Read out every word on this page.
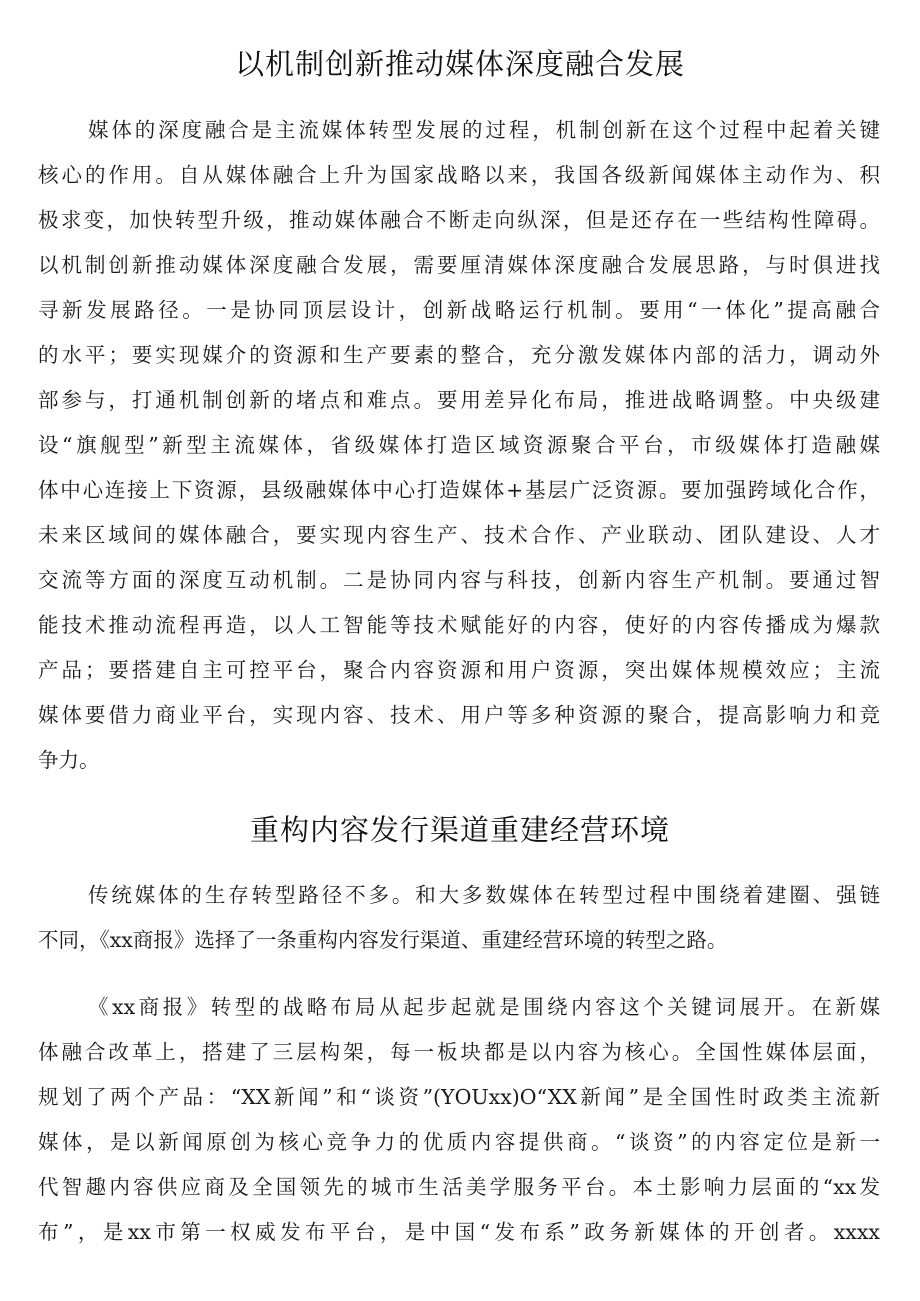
以机制创新推动媒体深度融合发展
媒体的深度融合是主流媒体转型发展的过程，机制创新在这个过程中起着关键
核心的作用。自从媒体融合上升为国家战略以来，我国各级新闻媒体主动作为、积
极求变，加快转型升级，推动媒体融合不断走向纵深，但是还存在一些结构性障碍。
以机制创新推动媒体深度融合发展，需要厘清媒体深度融合发展思路，与时俱进找
寻新发展路径。一是协同顶层设计，创新战略运行机制。要用“一体化”提高融合
的水平；要实现媒介的资源和生产要素的整合，充分激发媒体内部的活力，调动外
部参与，打通机制创新的堵点和难点。要用差异化布局，推进战略调整。中央级建
设“旗舰型”新型主流媒体，省级媒体打造区域资源聚合平台，市级媒体打造融媒
体中心连接上下资源，县级融媒体中心打造媒体+基层广泛资源。要加强跨域化合作，
未来区域间的媒体融合，要实现内容生产、技术合作、产业联动、团队建设、人才
交流等方面的深度互动机制。二是协同内容与科技，创新内容生产机制。要通过智
能技术推动流程再造，以人工智能等技术赋能好的内容，使好的内容传播成为爆款
产品；要搭建自主可控平台，聚合内容资源和用户资源，突出媒体规模效应；主流
媒体要借力商业平台，实现内容、技术、用户等多种资源的聚合，提高影响力和竞
争力。
重构内容发行渠道重建经营环境
传统媒体的生存转型路径不多。和大多数媒体在转型过程中围绕着建圈、强链
不同，《xx商报》选择了一条重构内容发行渠道、重建经营环境的转型之路。
《xx商报》转型的战略布局从起步起就是围绕内容这个关键词展开。在新媒
体融合改革上，搭建了三层构架，每一板块都是以内容为核心。全国性媒体层面，
规划了两个产品：“XX新闻”和“谈资”(YOUxx)O“XX新闻”是全国性时政类主流新
媒体，是以新闻原创为核心竞争力的优质内容提供商。“谈资”的内容定位是新一
代智趣内容供应商及全国领先的城市生活美学服务平台。本土影响力层面的“xx发
布”，是xx市第一权威发布平台，是中国“发布系”政务新媒体的开创者。xxxx
